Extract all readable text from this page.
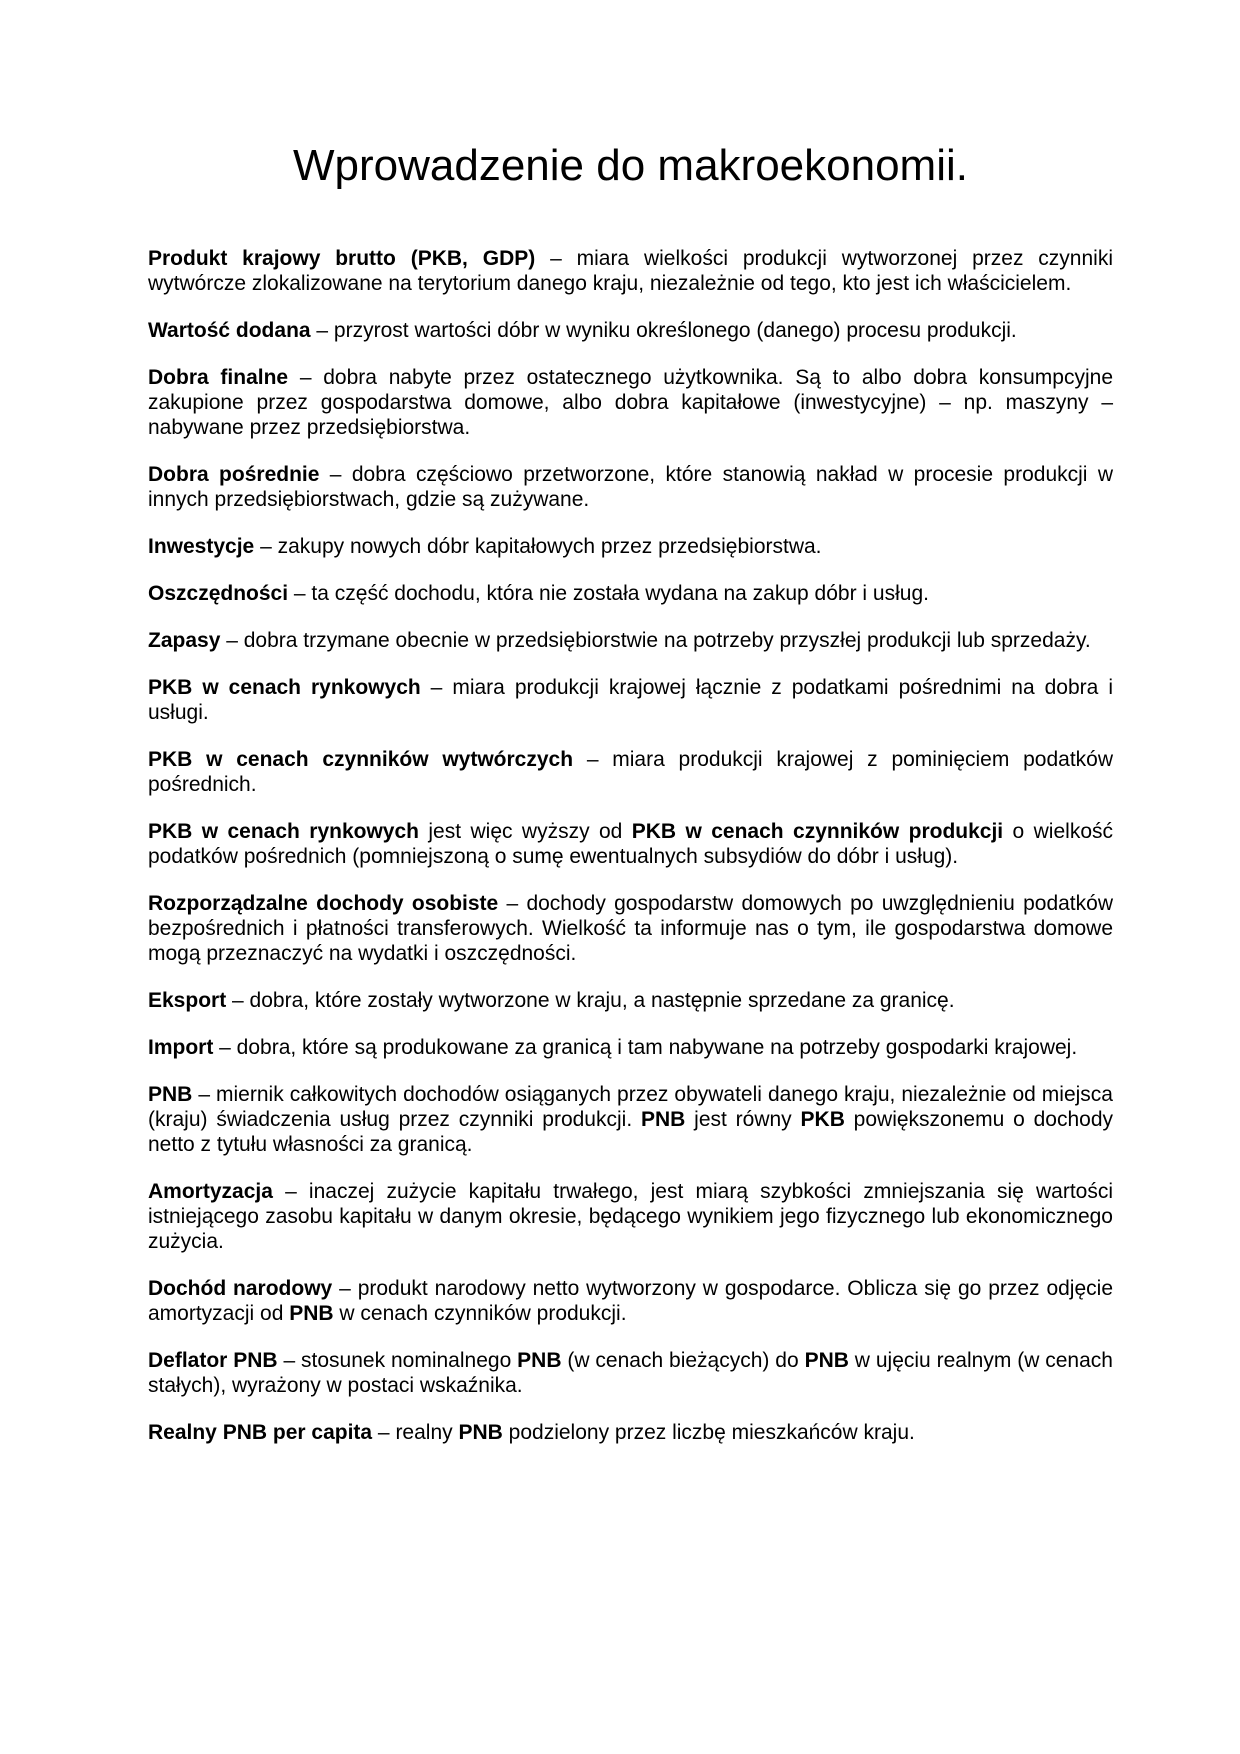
Wprowadzenie do makroekonomii.

Produkt krajowy brutto (PKB, GDP) – miara wielkości produkcji wytworzonej przez czynniki wytwórcze zlokalizowane na terytorium danego kraju, niezależnie od tego, kto jest ich właścicielem.

Wartość dodana – przyrost wartości dóbr w wyniku określonego (danego) procesu produkcji.

Dobra finalne – dobra nabyte przez ostatecznego użytkownika. Są to albo dobra konsumpcyjne zakupione przez gospodarstwa domowe, albo dobra kapitałowe (inwestycyjne) – np. maszyny – nabywane przez przedsiębiorstwa.

Dobra pośrednie – dobra częściowo przetworzone, które stanowią nakład w procesie produkcji w innych przedsiębiorstwach, gdzie są zużywane.

Inwestycje – zakupy nowych dóbr kapitałowych przez przedsiębiorstwa.

Oszczędności – ta część dochodu, która nie została wydana na zakup dóbr i usług.

Zapasy – dobra trzymane obecnie w przedsiębiorstwie na potrzeby przyszłej produkcji lub sprzedaży.

PKB w cenach rynkowych – miara produkcji krajowej łącznie z podatkami pośrednimi na dobra i usługi.

PKB w cenach czynników wytwórczych – miara produkcji krajowej z pominięciem podatków pośrednich.

PKB w cenach rynkowych jest więc wyższy od PKB w cenach czynników produkcji o wielkość podatków pośrednich (pomniejszoną o sumę ewentualnych subsydiów do dóbr i usług).

Rozporządzalne dochody osobiste – dochody gospodarstw domowych po uwzględnieniu podatków bezpośrednich i płatności transferowych. Wielkość ta informuje nas o tym, ile gospodarstwa domowe mogą przeznaczyć na wydatki i oszczędności.

Eksport – dobra, które zostały wytworzone w kraju, a następnie sprzedane za granicę.

Import – dobra, które są produkowane za granicą i tam nabywane na potrzeby gospodarki krajowej.

PNB – miernik całkowitych dochodów osiąganych przez obywateli danego kraju, niezależnie od miejsca (kraju) świadczenia usług przez czynniki produkcji. PNB jest równy PKB powiększonemu o dochody netto z tytułu własności za granicą.

Amortyzacja – inaczej zużycie kapitału trwałego, jest miarą szybkości zmniejszania się wartości istniejącego zasobu kapitału w danym okresie, będącego wynikiem jego fizycznego lub ekonomicznego zużycia.

Dochód narodowy – produkt narodowy netto wytworzony w gospodarce. Oblicza się go przez odjęcie amortyzacji od PNB w cenach czynników produkcji.

Deflator PNB – stosunek nominalnego PNB (w cenach bieżących) do PNB w ujęciu realnym (w cenach stałych), wyrażony w postaci wskaźnika.

Realny PNB per capita – realny PNB podzielony przez liczbę mieszkańców kraju.
